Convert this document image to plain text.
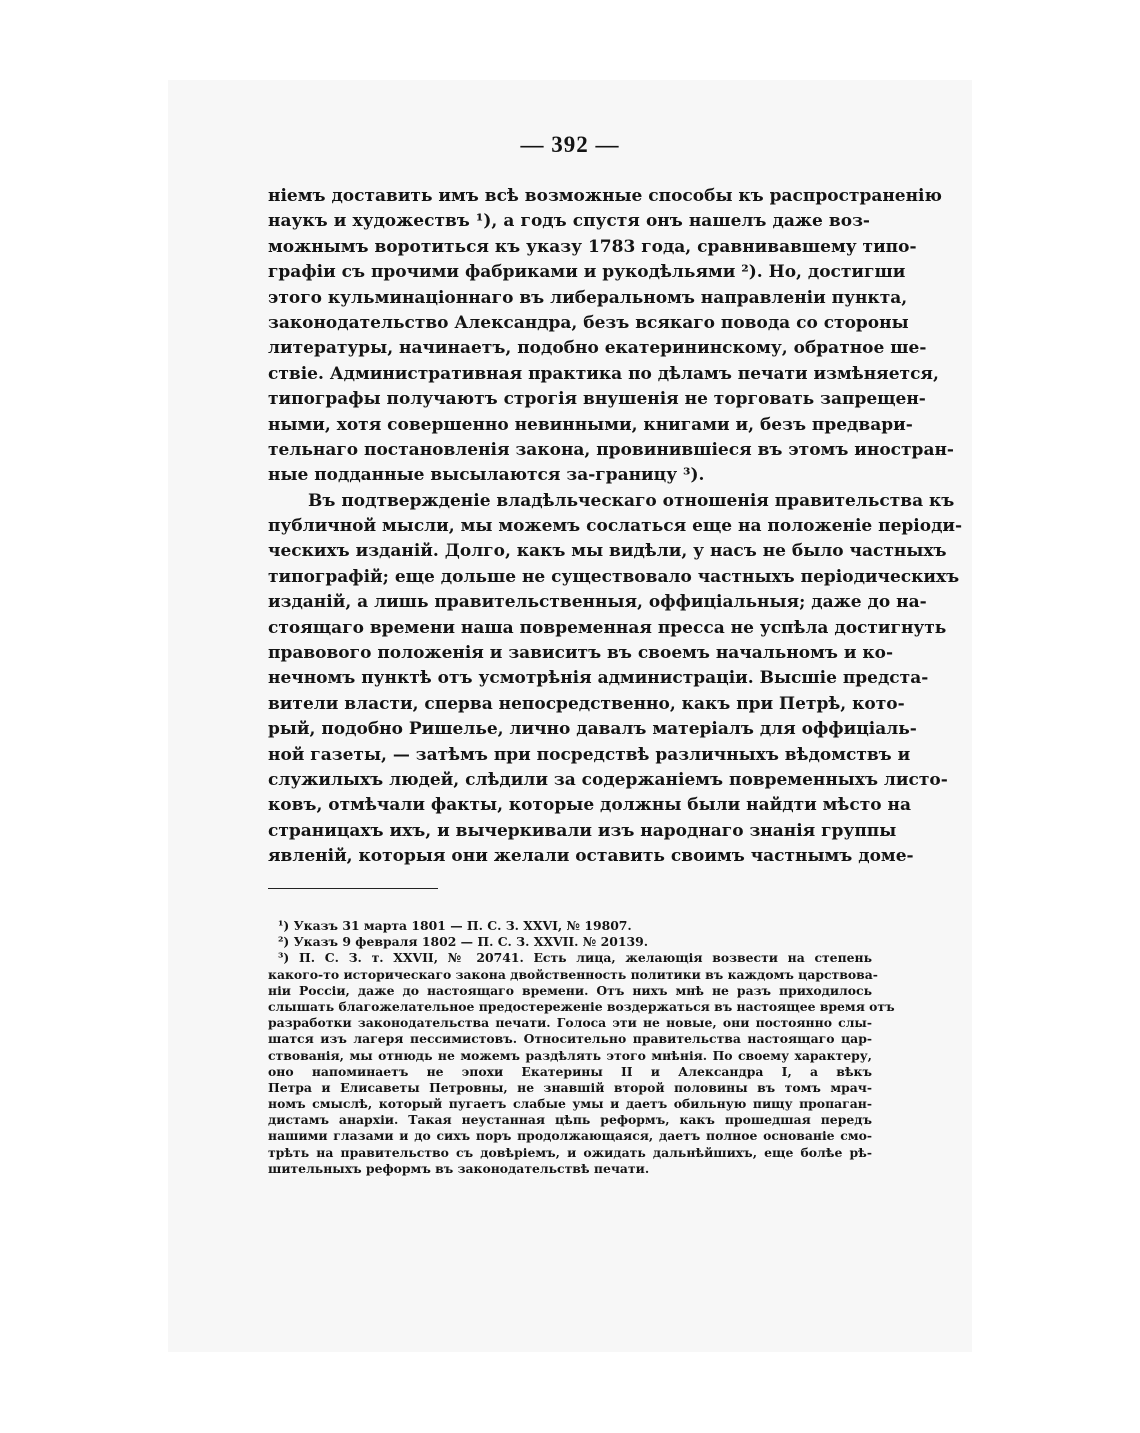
— 392 —
ніемъ доставить имъ всѣ возможные способы къ распространенію
наукъ и художествъ ¹), а годъ спустя онъ нашелъ даже воз-
можнымъ воротиться къ указу 1783 года, сравнивавшему типо-
графіи съ прочими фабриками и рукодѣльями ²). Но, достигши
этого кульминаціоннаго въ либеральномъ направленіи пункта,
законодательство Александра, безъ всякаго повода со стороны
литературы, начинаетъ, подобно екатерининскому, обратное ше-
ствіе. Административная практика по дѣламъ печати измѣняется,
типографы получаютъ строгія внушенія не торговать запрещен-
ными, хотя совершенно невинными, книгами и, безъ предвари-
тельнаго постановленія закона, провинившіеся въ этомъ иностран-
ные подданные высылаются за-границу ³).
Въ подтвержденіе владѣльческаго отношенія правительства къ
публичной мысли, мы можемъ сослаться еще на положеніе періоди-
ческихъ изданій. Долго, какъ мы видѣли, у насъ не было частныхъ
типографій; еще дольше не существовало частныхъ періодическихъ
изданій, а лишь правительственныя, оффиціальныя; даже до на-
стоящаго времени наша повременная пресса не успѣла достигнуть
правового положенія и зависитъ въ своемъ начальномъ и ко-
нечномъ пунктѣ отъ усмотрѣнія администраціи. Высшіе предста-
вители власти, сперва непосредственно, какъ при Петрѣ, кото-
рый, подобно Ришелье, лично давалъ матеріалъ для оффиціаль-
ной газеты, — затѣмъ при посредствѣ различныхъ вѣдомствъ и
служилыхъ людей, слѣдили за содержаніемъ повременныхъ листо-
ковъ, отмѣчали факты, которые должны были найдти мѣсто на
страницахъ ихъ, и вычеркивали изъ народнаго знанія группы
явленій, которыя они желали оставить своимъ частнымъ доме-
¹) Указъ 31 марта 1801 — П. С. З. XXVI, № 19807.
²) Указъ 9 февраля 1802 — П. С. З. XXVII. № 20139.
³) П. С. З. т. XXVII, № 20741. Есть лица, желающія возвести на степень
какого-то историческаго закона двойственность политики въ каждомъ царствова-
ніи Россіи, даже до настоящаго времени. Отъ нихъ мнѣ не разъ приходилось
слышать благожелательное предостереженіе воздержаться въ настоящее время отъ
разработки законодательства печати. Голоса эти не новые, они постоянно слы-
шатся изъ лагеря пессимистовъ. Относительно правительства настоящаго цар-
ствованія, мы отнюдь не можемъ раздѣлять этого мнѣнія. По своему характеру,
оно напоминаетъ не эпохи Екатерины II и Александра I, а вѣкъ
Петра и Елисаветы Петровны, не знавшій второй половины въ томъ мрач-
номъ смыслѣ, который пугаетъ слабые умы и даетъ обильную пищу пропаган-
дистамъ анархіи. Такая неустанная цѣпь реформъ, какъ прошедшая передъ
нашими глазами и до сихъ поръ продолжающаяся, даетъ полное основаніе смо-
трѣть на правительство съ довѣріемъ, и ожидать дальнѣйшихъ, еще болѣе рѣ-
шительныхъ реформъ въ законодательствѣ печати.
